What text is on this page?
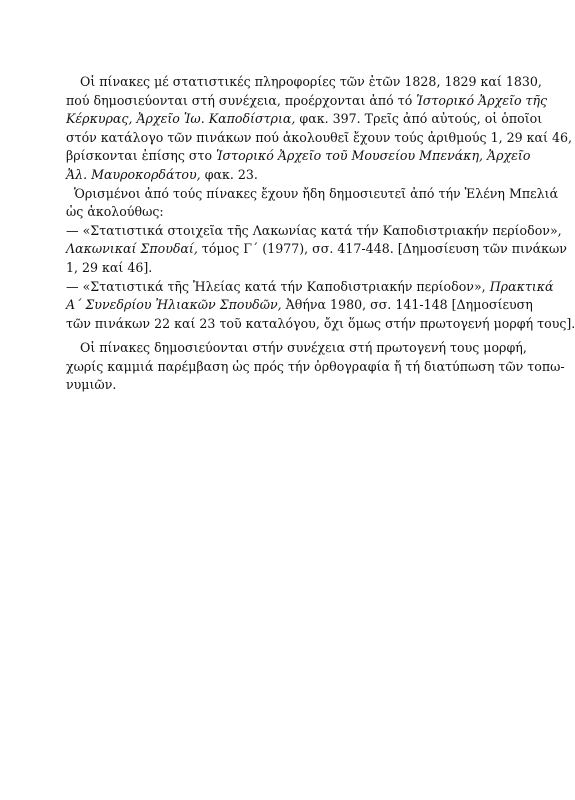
Οἱ πίνακες μέ στατιστικές πληροφορίες τῶν ἐτῶν 1828, 1829 καί 1830,
πού δημοσιεύονται στή συνέχεια, προέρχονται ἀπό τό Ἱστορικό Ἀρχεῖο τῆς
Κέρκυρας, Ἀρχεῖο Ἰω. Καποδίστρια, φακ. 397. Τρεῖς ἀπό αὐτούς, οἱ ὁποῖοι
στόν κατάλογο τῶν πινάκων πού ἀκολουθεῖ ἔχουν τούς ἀριθμούς 1, 29 καί 46,
βρίσκονται ἐπίσης στο Ἱστορικό Ἀρχεῖο τοῦ Μουσείου Μπενάκη, Ἀρχεῖο
Ἀλ. Μαυροκορδάτου, φακ. 23.
Ὁρισμένοι ἀπό τούς πίνακες ἔχουν ἤδη δημοσιευτεῖ ἀπό τήν Ἑλένη Μπελιά
ὡς ἀκολούθως:
— «Στατιστικά στοιχεῖα τῆς Λακωνίας κατά τήν Καποδιστριακήν περίοδον»,
Λακωνικαί Σπουδαί, τόμος Γ΄ (1977), σσ. 417-448. [Δημοσίευση τῶν πινάκων
1, 29 καί 46].
— «Στατιστικά τῆς Ἠλείας κατά τήν Καποδιστριακήν περίοδον», Πρακτικά
Α΄ Συνεδρίου Ἠλιακῶν Σπουδῶν, Ἀθήνα 1980, σσ. 141-148 [Δημοσίευση
τῶν πινάκων 22 καί 23 τοῦ καταλόγου, ὄχι ὅμως στήν πρωτογενή μορφή τους].
Οἱ πίνακες δημοσιεύονται στήν συνέχεια στή πρωτογενή τους μορφή,
χωρίς καμμιά παρέμβαση ὡς πρός τήν ὀρθογραφία ἤ τή διατύπωση τῶν τοπω-
νυμιῶν.
